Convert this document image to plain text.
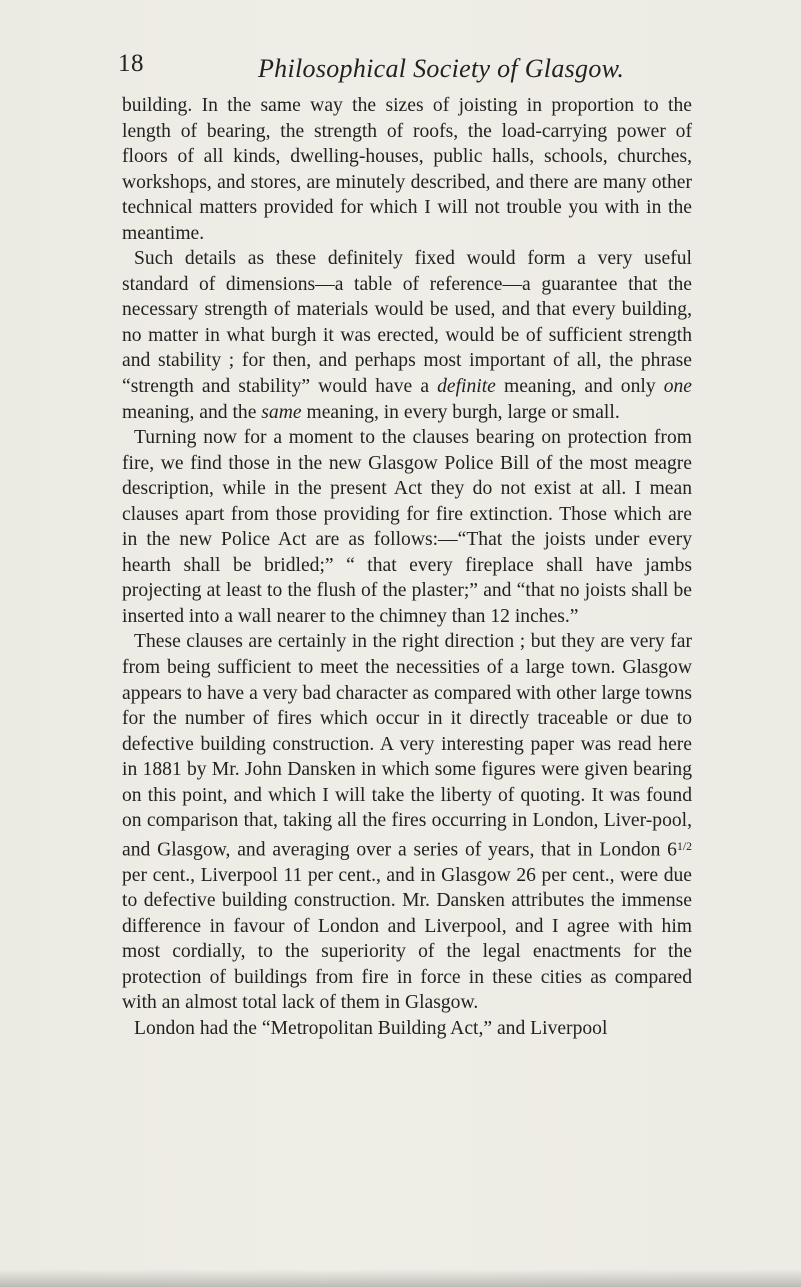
18	Philosophical Society of Glasgow.

building. In the same way the sizes of joisting in proportion to the length of bearing, the strength of roofs, the load-carrying power of floors of all kinds, dwelling-houses, public halls, schools, churches, workshops, and stores, are minutely described, and there are many other technical matters provided for which I will not trouble you with in the meantime.

Such details as these definitely fixed would form a very useful standard of dimensions—a table of reference—a guarantee that the necessary strength of materials would be used, and that every building, no matter in what burgh it was erected, would be of sufficient strength and stability ; for then, and perhaps most important of all, the phrase “strength and stability” would have a definite meaning, and only one meaning, and the same meaning, in every burgh, large or small.

Turning now for a moment to the clauses bearing on protection from fire, we find those in the new Glasgow Police Bill of the most meagre description, while in the present Act they do not exist at all. I mean clauses apart from those providing for fire extinction. Those which are in the new Police Act are as follows:—“That the joists under every hearth shall be bridled;” “ that every fireplace shall have jambs projecting at least to the flush of the plaster;” and “that no joists shall be inserted into a wall nearer to the chimney than 12 inches.”

These clauses are certainly in the right direction ; but they are very far from being sufficient to meet the necessities of a large town. Glasgow appears to have a very bad character as compared with other large towns for the number of fires which occur in it directly traceable or due to defective building construction. A very interesting paper was read here in 1881 by Mr. John Dansken in which some figures were given bearing on this point, and which I will take the liberty of quoting. It was found on comparison that, taking all the fires occurring in London, Liver-pool, and Glasgow, and averaging over a series of years, that in London $6^{1/2}$ per cent., Liverpool 11 per cent., and in Glasgow 26 per cent., were due to defective building construction. Mr. Dansken attributes the immense difference in favour of London and Liverpool, and I agree with him most cordially, to the superiority of the legal enactments for the protection of buildings from fire in force in these cities as compared with an almost total lack of them in Glasgow.

London had the “Metropolitan Building Act,” and Liverpool
